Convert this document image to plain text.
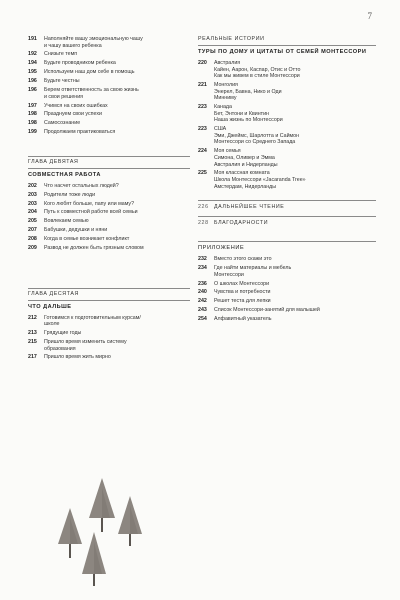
7
191	Наполняйте вашу эмоциональную чашу
и чашу вашего ребенка
192	Снизьте темп
194	Будьте проводником ребенка
195	Используем наш дом себе в помощь
196	Будьте честны
196	Берем ответственность за свою жизнь
и свои решения
197	Учимся на своих ошибках
198	Празднуем свои успехи
198	Самосознание
199	Продолжаем практиковаться
ГЛАВА ДЕВЯТАЯ
СОВМЕСТНАЯ РАБОТА
202	Что насчет остальных людей?
203	Родители тоже люди
203	Кого любят больше, папу или маму?
204	Путь к совместной работе всей семьи
205	Вовлекаем семью
207	Бабушки, дедушки и няни
208	Когда в семье возникает конфликт
209	Развод не должен быть грязным словом
ГЛАВА ДЕСЯТАЯ
ЧТО ДАЛЬШЕ
212	Готовимся к подготовительным курсам/
школе
213	Грядущие годы
215	Пришло время изменить систему
образования
217	Пришло время жить мирно
РЕАЛЬНЫЕ ИСТОРИИ
ТУРЫ ПО ДОМУ И ЦИТАТЫ ОТ СЕМЕЙ МОНТЕССОРИ
220	Австралия
Кайен, Аарон, Каспар, Отис и Отто
Как мы живем в стиле Монтессори
221	Монголия
Энерел, Бавна, Нико и Оди
Минниму
223	Канада
Бет, Энтони и Квинтин
Наша жизнь по Монтессори
223	США
Эми, Джеймс, Шарлотта и Саймон
Монтессори со Среднего Запада
224	Моя семья
Симона, Оливер и Эмма
Австралия и Нидерланды
225	Моя классная комната
Школа Монтессори «Jacaranda Tree»
Амстердам, Нидерланды
226	ДАЛЬНЕЙШЕЕ ЧТЕНИЕ
228	БЛАГОДАРНОСТИ
ПРИЛОЖЕНИЕ
232	Вместо этого скажи это
234	Где найти материалы и мебель
Монтессори
236	О школах Монтессори
240	Чувства и потребности
242	Решет теста для лепки
243	Список Монтессори-занятий для малышей
254	Алфавитный указатель
